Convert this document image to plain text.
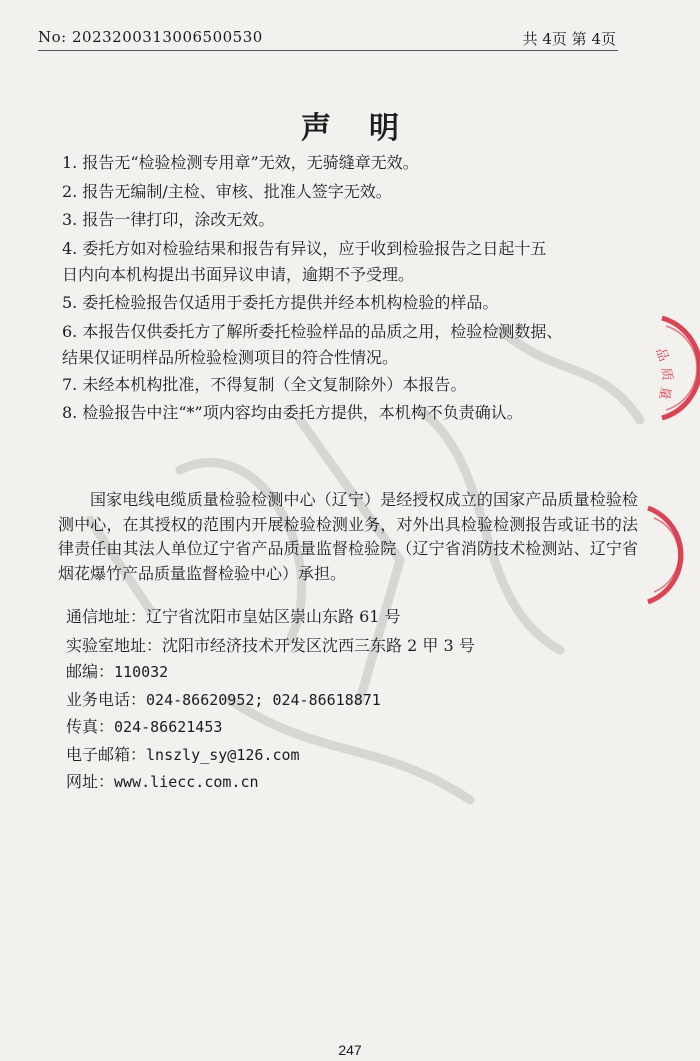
No: 2023200313006500530	共 4页 第 4页
声明
1. 报告无“检验检测专用章”无效，无骑缝章无效。
2. 报告无编制/主检、审核、批准人签字无效。
3. 报告一律打印，涂改无效。
4. 委托方如对检验结果和报告有异议，应于收到检验报告之日起十五
日内向本机构提出书面异议申请，逾期不予受理。
5. 委托检验报告仅适用于委托方提供并经本机构检验的样品。
6. 本报告仅供委托方了解所委托检验样品的品质之用，检验检测数据、
结果仅证明样品所检验检测项目的符合性情况。
7. 未经本机构批准，不得复制（全文复制除外）本报告。
8. 检验报告中注“*”项内容均由委托方提供，本机构不负责确认。
国家电线电缆质量检验检测中心（辽宁）是经授权成立的国家产品质量检验检测中心，在其授权的范围内开展检验检测业务，对外出具检验检测报告或证书的法律责任由其法人单位辽宁省产品质量监督检验院（辽宁省消防技术检测站、辽宁省烟花爆竹产品质量监督检验中心）承担。
通信地址：辽宁省沈阳市皇姑区崇山东路 61 号
实验室地址：沈阳市经济技术开发区沈西三东路 2 甲 3 号
邮编：110032
业务电话：024-86620952; 024-86618871
传真：024-86621453
电子邮箱：lnszly_sy@126.com
网址：www.liecc.com.cn
品
质
量
247
